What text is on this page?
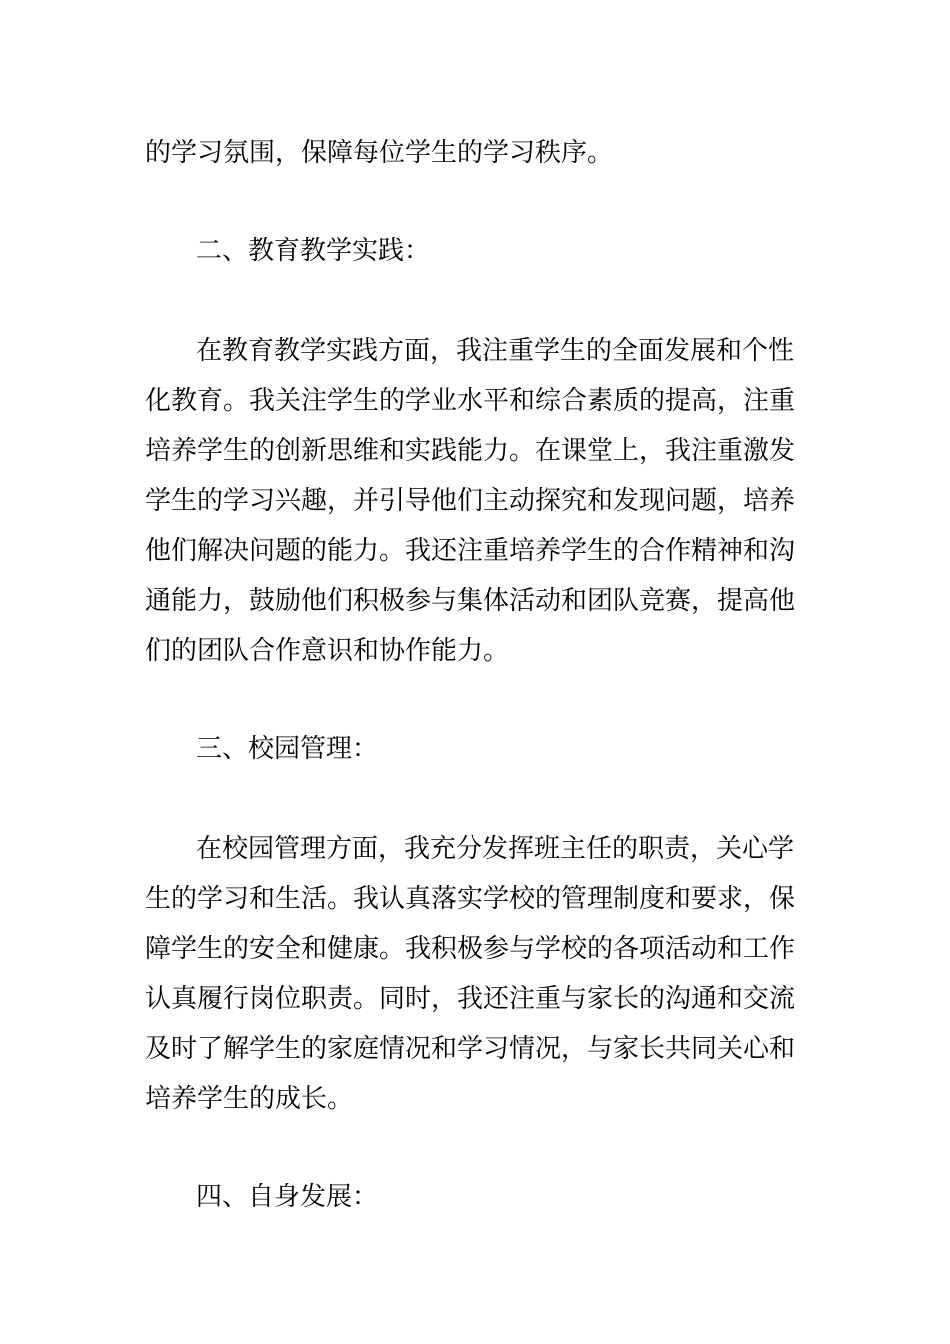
的学习氛围，保障每位学生的学习秩序。
二、教育教学实践：
在教育教学实践方面，我注重学生的全面发展和个性
化教育。我关注学生的学业水平和综合素质的提高，注重
培养学生的创新思维和实践能力。在课堂上，我注重激发
学生的学习兴趣，并引导他们主动探究和发现问题，培养
他们解决问题的能力。我还注重培养学生的合作精神和沟
通能力，鼓励他们积极参与集体活动和团队竞赛，提高他
们的团队合作意识和协作能力。
三、校园管理：
在校园管理方面，我充分发挥班主任的职责，关心学
生的学习和生活。我认真落实学校的管理制度和要求，保
障学生的安全和健康。我积极参与学校的各项活动和工作
认真履行岗位职责。同时，我还注重与家长的沟通和交流
及时了解学生的家庭情况和学习情况，与家长共同关心和
培养学生的成长。
四、自身发展：
